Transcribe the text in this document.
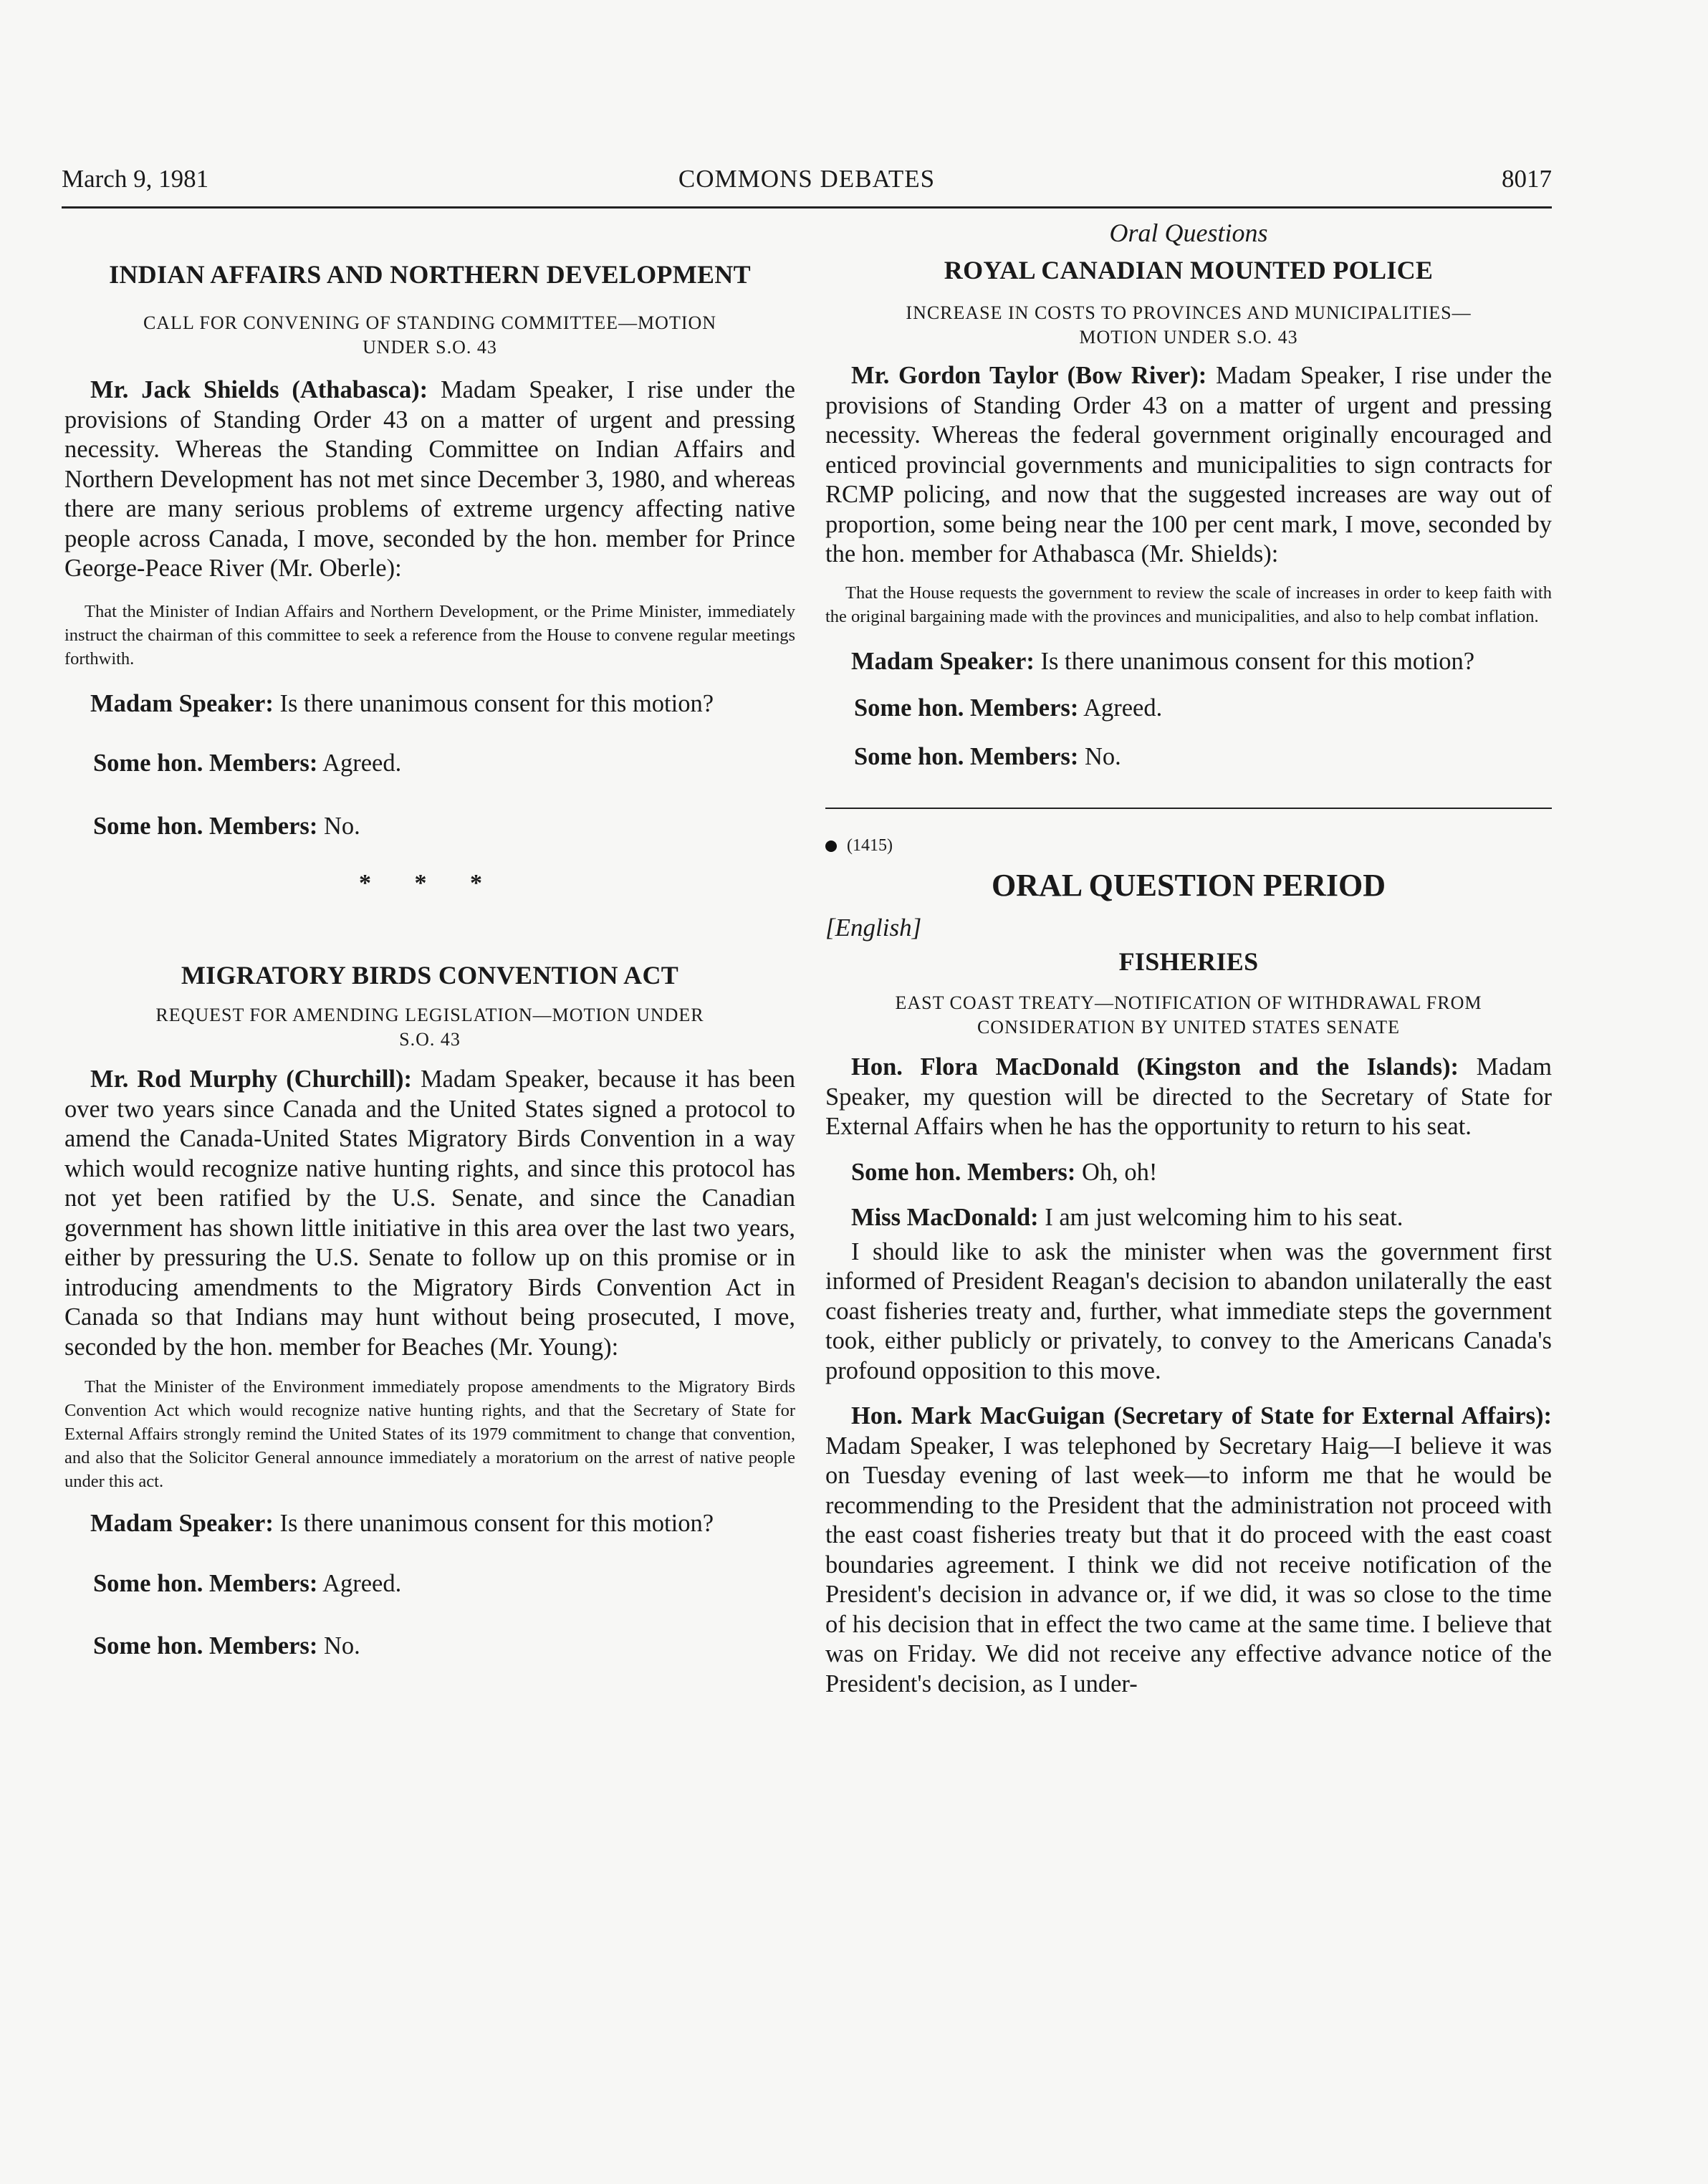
March 9, 1981	COMMONS DEBATES	8017
INDIAN AFFAIRS AND NORTHERN DEVELOPMENT

CALL FOR CONVENING OF STANDING COMMITTEE—MOTION

UNDER S.O. 43

Mr. Jack Shields (Athabasca): Madam Speaker, I rise under the provisions of Standing Order 43 on a matter of urgent and pressing necessity. Whereas the Standing Committee on Indian Affairs and Northern Development has not met since December 3, 1980, and whereas there are many serious problems of extreme urgency affecting native people across Canada, I move, seconded by the hon. member for Prince George-Peace River (Mr. Oberle):

That the Minister of Indian Affairs and Northern Development, or the Prime Minister, immediately instruct the chairman of this committee to seek a reference from the House to convene regular meetings forthwith.

Madam Speaker: Is there unanimous consent for this motion?

Some hon. Members: Agreed.

Some hon. Members: No.

* * *

MIGRATORY BIRDS CONVENTION ACT

REQUEST FOR AMENDING LEGISLATION—MOTION UNDER

S.O. 43

Mr. Rod Murphy (Churchill): Madam Speaker, because it has been over two years since Canada and the United States signed a protocol to amend the Canada-United States Migratory Birds Convention in a way which would recognize native hunting rights, and since this protocol has not yet been ratified by the U.S. Senate, and since the Canadian government has shown little initiative in this area over the last two years, either by pressuring the U.S. Senate to follow up on this promise or in introducing amendments to the Migratory Birds Convention Act in Canada so that Indians may hunt without being prosecuted, I move, seconded by the hon. member for Beaches (Mr. Young):

That the Minister of the Environment immediately propose amendments to the Migratory Birds Convention Act which would recognize native hunting rights, and that the Secretary of State for External Affairs strongly remind the United States of its 1979 commitment to change that convention, and also that the Solicitor General announce immediately a moratorium on the arrest of native people under this act.

Madam Speaker: Is there unanimous consent for this motion?

Some hon. Members: Agreed.

Some hon. Members: No.

Oral Questions

ROYAL CANADIAN MOUNTED POLICE

INCREASE IN COSTS TO PROVINCES AND MUNICIPALITIES—

MOTION UNDER S.O. 43

Mr. Gordon Taylor (Bow River): Madam Speaker, I rise under the provisions of Standing Order 43 on a matter of urgent and pressing necessity. Whereas the federal government originally encouraged and enticed provincial governments and municipalities to sign contracts for RCMP policing, and now that the suggested increases are way out of proportion, some being near the 100 per cent mark, I move, seconded by the hon. member for Athabasca (Mr. Shields):

That the House requests the government to review the scale of increases in order to keep faith with the original bargaining made with the provinces and municipalities, and also to help combat inflation.

Madam Speaker: Is there unanimous consent for this motion?

Some hon. Members: Agreed.

Some hon. Members: No.

(1415)

ORAL QUESTION PERIOD

[English]

FISHERIES

EAST COAST TREATY—NOTIFICATION OF WITHDRAWAL FROM

CONSIDERATION BY UNITED STATES SENATE

Hon. Flora MacDonald (Kingston and the Islands): Madam Speaker, my question will be directed to the Secretary of State for External Affairs when he has the opportunity to return to his seat.

Some hon. Members: Oh, oh!

Miss MacDonald: I am just welcoming him to his seat.

I should like to ask the minister when was the government first informed of President Reagan's decision to abandon unilaterally the east coast fisheries treaty and, further, what immediate steps the government took, either publicly or privately, to convey to the Americans Canada's profound opposition to this move.

Hon. Mark MacGuigan (Secretary of State for External Affairs): Madam Speaker, I was telephoned by Secretary Haig—I believe it was on Tuesday evening of last week—to inform me that he would be recommending to the President that the administration not proceed with the east coast fisheries treaty but that it do proceed with the east coast boundaries agreement. I think we did not receive notification of the President's decision in advance or, if we did, it was so close to the time of his decision that in effect the two came at the same time. I believe that was on Friday. We did not receive any effective advance notice of the President's decision, as I under-
